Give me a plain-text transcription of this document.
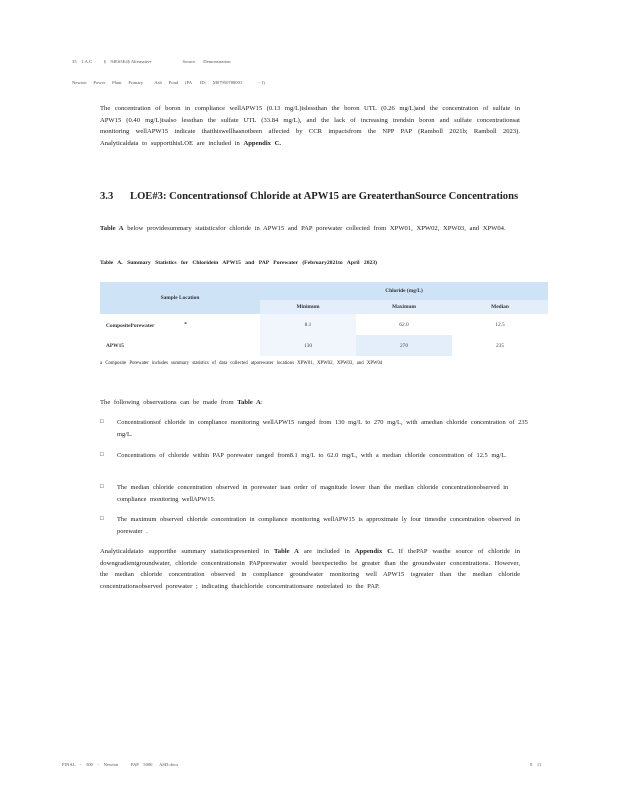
35    1.A.C          §    94E#3E4§ Alternative                           Source       Demonstration

Newton      Power      Plant      Primary          Ash      Pond      (PA       ID:      M07950788001              - 1)

The concentration of boron in compliance wellAPW15 (0.13 mg/L)islessthan the boron UTL (0.26 mg/L)and the concentration of sulfate in APW15 (0.40 mg/L)isalso lessthan the sulfate UTL (33.84 mg/L), and the lack of increasing trendsin boron and sulfate concentrationsat monitoring wellAPW15 indicate thatthiswellhasnotbeen affected by CCR impactsfrom the NPP PAP (Ramboll 2021b; Ramboll 2023). Analyticaldata to supportthisLOE are included in Appendix C.
3.3 LOE#3: Concentrationsof Chloride at APW15 are GreaterthanSource Concentrations
Table A below providesummary statisticsfor chloride in APW15 and PAP porewater collected from XPW01, XPW02, XPW03, and XPW04.
Table A. Summary Statistics for Chloridein APW15 and PAP Porewater (February2021to April 2023)
Sample Location	Chloride (mg/L)		
	Minimum	Maximum	Median
CompositePorewater$^a$	8.1	62.0	12.5
APW15	130	270	235
a Composite Porewater includes summary statistics of data collected atporewater locations XPW01, XPW02, XPW03, and XPW04
The following observations can be made from Table A:
□ Concentrationsof chloride in compliance monitoring wellAPW15 ranged from 130 mg/L to 270 mg/L, with amedian chloride concentration of 235 mg/L.
□ Concentrations of chloride within PAP porewater ranged from8.1 mg/L to 62.0 mg/L, with a median chloride concentration of 12.5 mg/L.
□ The median chloride concentration observed in porewater isan order of magnitude lower than the median chloride concentrationobserved in compliance monitoring wellAPW15.
□ The maximum observed chloride concentration in compliance monitoring wellAPW15 is approximate ly four timesthe concentration observed in porewater .
Analyticaldatato supportthe summary statisticspresented in Table A are included in Appendix C. If thePAP wasthe source of chloride in downgradientgroundwater, chloride concentrationsin PAPporewater would beexpectedto be greater than the groundwater concentrations. However, the median chloride concentration observed in compliance groundwater monitoring well APW15 isgreater than the median chloride concentrationsobserved porewater ; indicating thatchloride concentrationsare notrelated to the PAP.
FINAL    -    500    -    Newton           PAP    5000      ASD.docx	8    11
